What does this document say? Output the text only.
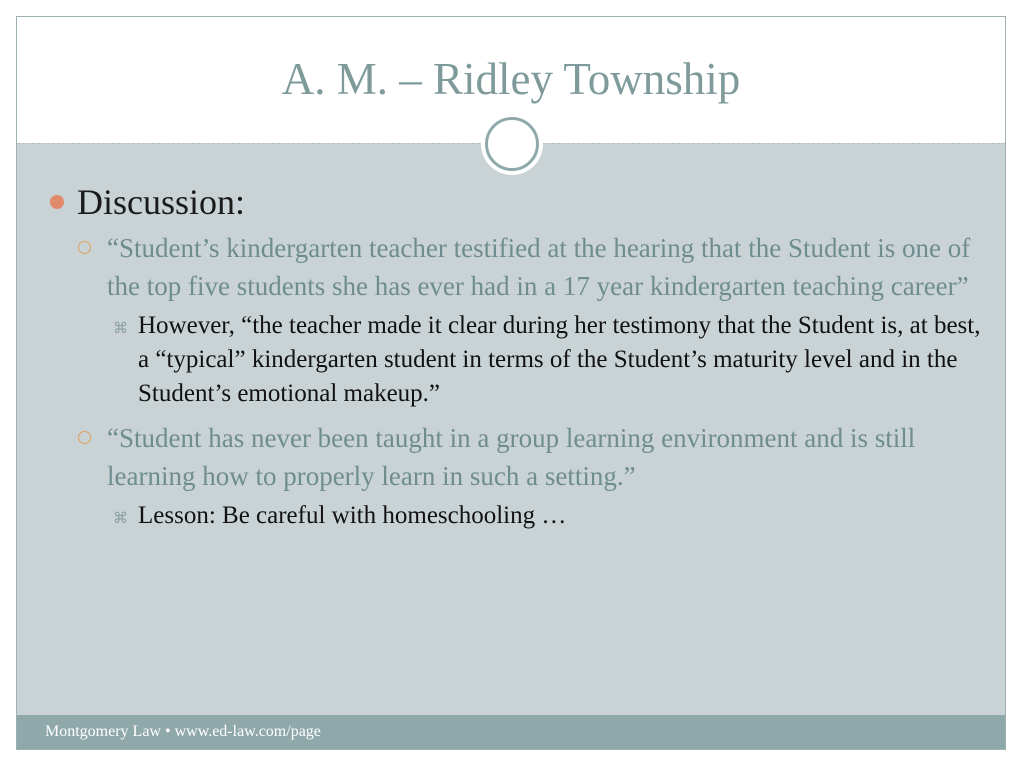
A. M. – Ridley Township
Discussion:
“Student’s kindergarten teacher testified at the hearing that the Student is one of the top five students she has ever had in a 17 year kindergarten teaching career”
⌘ However, “the teacher made it clear during her testimony that the Student is, at best, a “typical” kindergarten student in terms of the Student’s maturity level and in the Student’s emotional makeup.”
“Student has never been taught in a group learning environment and is still learning how to properly learn in such a setting.”
⌘ Lesson: Be careful with homeschooling …
Montgomery Law • www.ed-law.com/page
